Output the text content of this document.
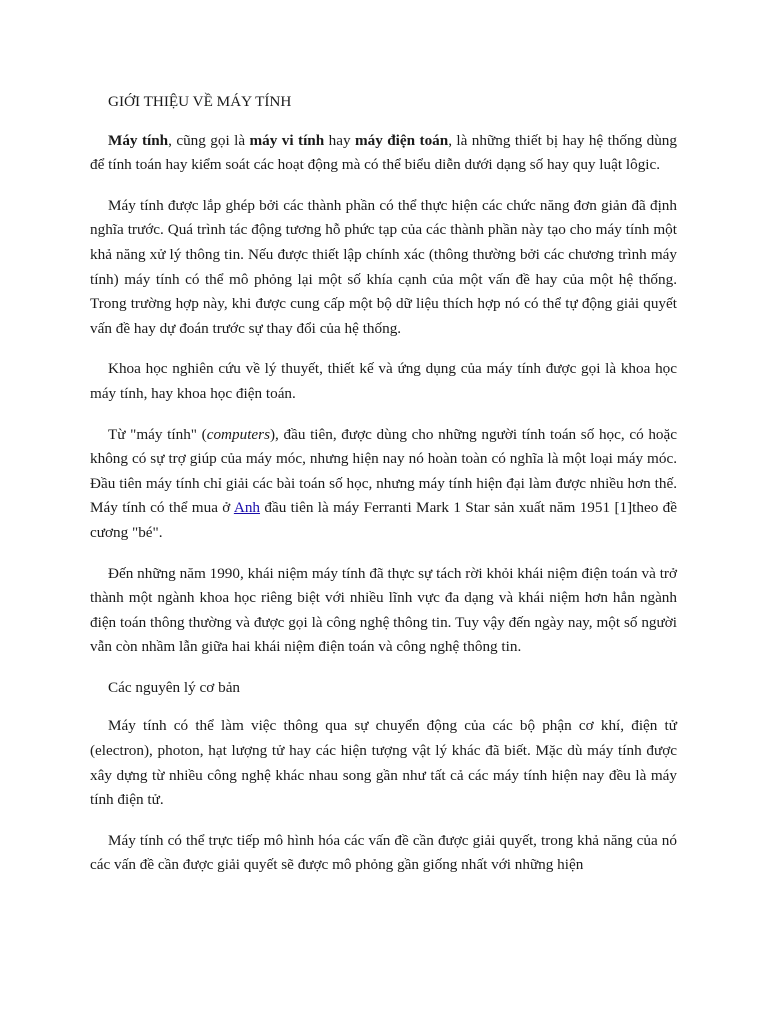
GIỚI THIỆU VỀ MÁY TÍNH

Máy tính, cũng gọi là máy vi tính hay máy điện toán, là những thiết bị hay hệ thống dùng để tính toán hay kiểm soát các hoạt động mà có thể biểu diễn dưới dạng số hay quy luật lôgic.

Máy tính được lắp ghép bởi các thành phần có thể thực hiện các chức năng đơn giản đã định nghĩa trước. Quá trình tác động tương hỗ phức tạp của các thành phần này tạo cho máy tính một khả năng xử lý thông tin. Nếu được thiết lập chính xác (thông thường bởi các chương trình máy tính) máy tính có thể mô phỏng lại một số khía cạnh của một vấn đề hay của một hệ thống. Trong trường hợp này, khi được cung cấp một bộ dữ liệu thích hợp nó có thể tự động giải quyết vấn đề hay dự đoán trước sự thay đổi của hệ thống.

Khoa học nghiên cứu về lý thuyết, thiết kế và ứng dụng của máy tính được gọi là khoa học máy tính, hay khoa học điện toán.

Từ "máy tính" (computers), đầu tiên, được dùng cho những người tính toán số học, có hoặc không có sự trợ giúp của máy móc, nhưng hiện nay nó hoàn toàn có nghĩa là một loại máy móc. Đầu tiên máy tính chỉ giải các bài toán số học, nhưng máy tính hiện đại làm được nhiều hơn thế. Máy tính có thể mua ở Anh đầu tiên là máy Ferranti Mark 1 Star sản xuất năm 1951 [1]theo đề cương "bé".

Đến những năm 1990, khái niệm máy tính đã thực sự tách rời khỏi khái niệm điện toán và trở thành một ngành khoa học riêng biệt với nhiều lĩnh vực đa dạng và khái niệm hơn hẳn ngành điện toán thông thường và được gọi là công nghệ thông tin. Tuy vậy đến ngày nay, một số người vẫn còn nhầm lẫn giữa hai khái niệm điện toán và công nghệ thông tin.

Các nguyên lý cơ bản

Máy tính có thể làm việc thông qua sự chuyển động của các bộ phận cơ khí, điện tử (electron), photon, hạt lượng tử hay các hiện tượng vật lý khác đã biết. Mặc dù máy tính được xây dựng từ nhiều công nghệ khác nhau song gần như tất cả các máy tính hiện nay đều là máy tính điện tử.

Máy tính có thể trực tiếp mô hình hóa các vấn đề cần được giải quyết, trong khả năng của nó các vấn đề cần được giải quyết sẽ được mô phỏng gần giống nhất với những hiện
